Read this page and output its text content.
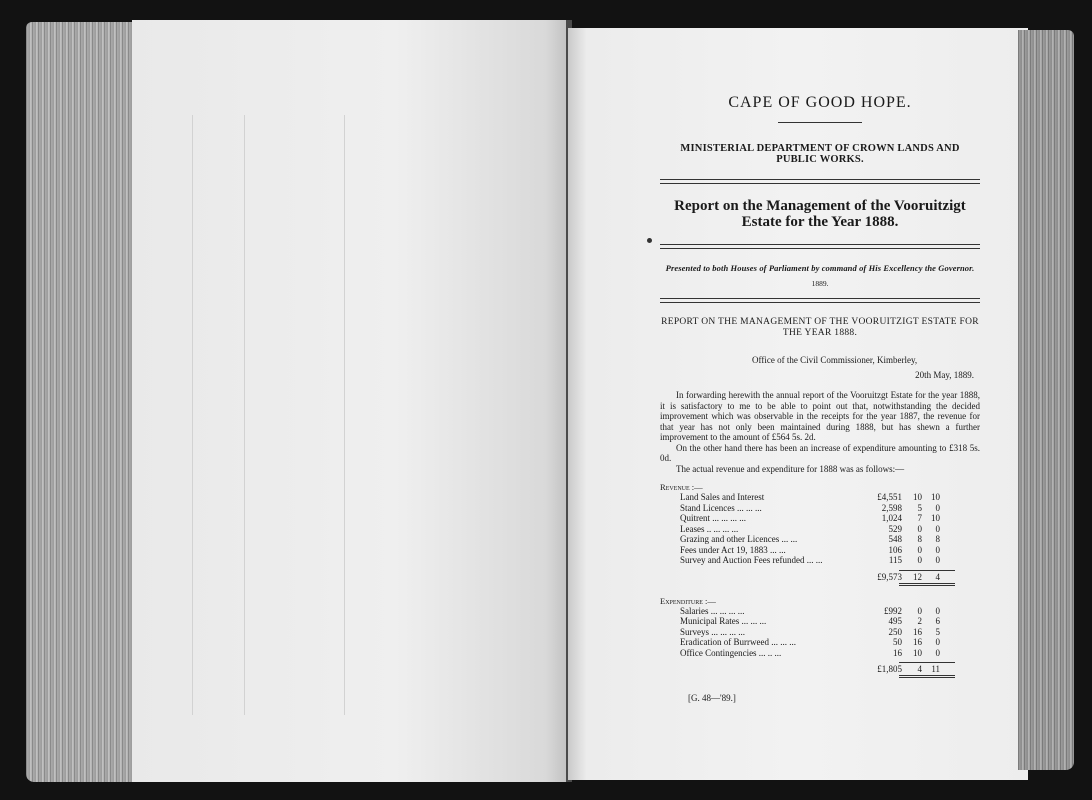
CAPE OF GOOD HOPE.
MINISTERIAL DEPARTMENT OF CROWN LANDS AND PUBLIC WORKS.
Report on the Management of the Vooruitzigt Estate for the Year 1888.
Presented to both Houses of Parliament by command of His Excellency the Governor.
1889.
REPORT ON THE MANAGEMENT OF THE VOORUITZIGT ESTATE FOR THE YEAR 1888.
Office of the Civil Commissioner, Kimberley,
20th May, 1889.

In forwarding herewith the annual report of the Vooruitzgt Estate for the year 1888, it is satisfactory to me to be able to point out that, notwithstanding the decided improvement which was observable in the receipts for the year 1887, the revenue for that year has not only been maintained during 1888, but has shewn a further improvement to the amount of £564 5s. 2d.

On the other hand there has been an increase of expenditure amounting to £318 5s. 0d.

The actual revenue and expenditure for 1888 was as follows:—

Revenue :—
Land Sales and Interest	£4,551	10	10
Stand Licences ... ... ...	2,598	5	0
Quitrent ... ... ... ...	1,024	7	10
Leases .. ... ... ...	529	0	0
Grazing and other Licences ... ...	548	8	8
Fees under Act 19, 1883 ... ...	106	0	0
Survey and Auction Fees refunded ... ...	115	0	0
£9,573	12	4
Expenditure :—
Salaries ... ... ... ...	£992	0	0
Municipal Rates ... ... ...	495	2	6
Surveys ... ... ... ...	250	16	5
Eradication of Burrweed ... ... ...	50	16	0
Office Contingencies ... .. ...	16	10	0
£1,805	4	11
[G. 48—'89.]
